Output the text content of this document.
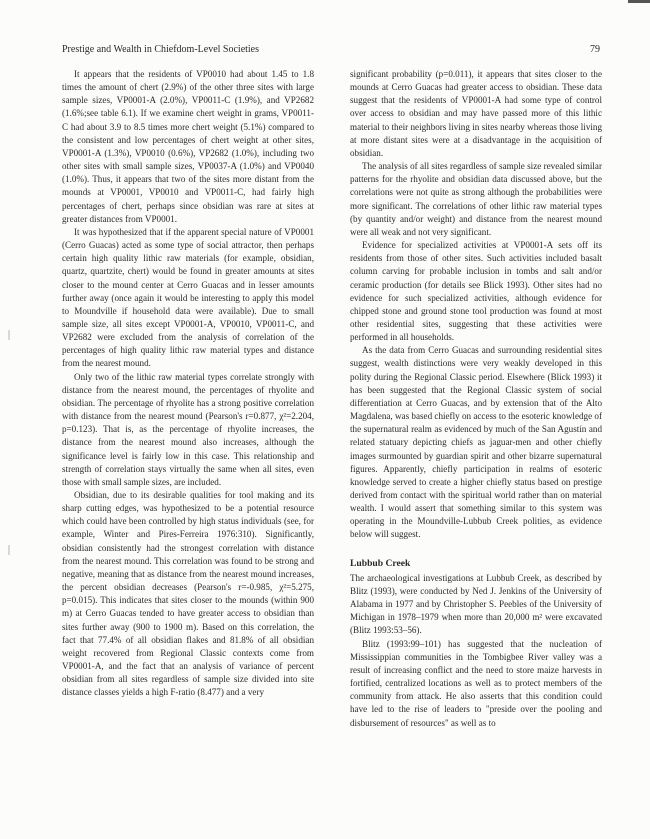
Prestige and Wealth in Chiefdom-Level Societies	79

It appears that the residents of VP0010 had about 1.45 to 1.8 times the amount of chert (2.9%) of the other three sites with large sample sizes, VP0001-A (2.0%), VP0011-C (1.9%), and VP2682 (1.6%;see table 6.1). If we examine chert weight in grams, VP0011-C had about 3.9 to 8.5 times more chert weight (5.1%) compared to the consistent and low percentages of chert weight at other sites, VP0001-A (1.3%), VP0010 (0.6%), VP2682 (1.0%), including two other sites with small sample sizes, VP0037-A (1.0%) and VP0040 (1.0%). Thus, it appears that two of the sites more distant from the mounds at VP0001, VP0010 and VP0011-C, had fairly high percentages of chert, perhaps since obsidian was rare at sites at greater distances from VP0001.

It was hypothesized that if the apparent special nature of VP0001 (Cerro Guacas) acted as some type of social attractor, then perhaps certain high quality lithic raw materials (for example, obsidian, quartz, quartzite, chert) would be found in greater amounts at sites closer to the mound center at Cerro Guacas and in lesser amounts further away (once again it would be interesting to apply this model to Moundville if household data were available). Due to small sample size, all sites except VP0001-A, VP0010, VP0011-C, and VP2682 were excluded from the analysis of correlation of the percentages of high quality lithic raw material types and distance from the nearest mound.

Only two of the lithic raw material types correlate strongly with distance from the nearest mound, the percentages of rhyolite and obsidian. The percentage of rhyolite has a strong positive correlation with distance from the nearest mound (Pearson's r=0.877, χ²=2.204, p=0.123). That is, as the percentage of rhyolite increases, the distance from the nearest mound also increases, although the significance level is fairly low in this case. This relationship and strength of correlation stays virtually the same when all sites, even those with small sample sizes, are included.

Obsidian, due to its desirable qualities for tool making and its sharp cutting edges, was hypothesized to be a potential resource which could have been controlled by high status individuals (see, for example, Winter and Pires-Ferreira 1976:310). Significantly, obsidian consistently had the strongest correlation with distance from the nearest mound. This correlation was found to be strong and negative, meaning that as distance from the nearest mound increases, the percent obsidian decreases (Pearson's r=-0.985, χ²=5.275, p=0.015). This indicates that sites closer to the mounds (within 900 m) at Cerro Guacas tended to have greater access to obsidian than sites further away (900 to 1900 m). Based on this correlation, the fact that 77.4% of all obsidian flakes and 81.8% of all obsidian weight recovered from Regional Classic contexts come from VP0001-A, and the fact that an analysis of variance of percent obsidian from all sites regardless of sample size divided into site distance classes yields a high F-ratio (8.477) and a very

significant probability (p=0.011), it appears that sites closer to the mounds at Cerro Guacas had greater access to obsidian. These data suggest that the residents of VP0001-A had some type of control over access to obsidian and may have passed more of this lithic material to their neighbors living in sites nearby whereas those living at more distant sites were at a disadvantage in the acquisition of obsidian.

The analysis of all sites regardless of sample size revealed similar patterns for the rhyolite and obsidian data discussed above, but the correlations were not quite as strong although the probabilities were more significant. The correlations of other lithic raw material types (by quantity and/or weight) and distance from the nearest mound were all weak and not very significant.

Evidence for specialized activities at VP0001-A sets off its residents from those of other sites. Such activities included basalt column carving for probable inclusion in tombs and salt and/or ceramic production (for details see Blick 1993). Other sites had no evidence for such specialized activities, although evidence for chipped stone and ground stone tool production was found at most other residential sites, suggesting that these activities were performed in all households.

As the data from Cerro Guacas and surrounding residential sites suggest, wealth distinctions were very weakly developed in this polity during the Regional Classic period. Elsewhere (Blick 1993) it has been suggested that the Regional Classic system of social differentiation at Cerro Guacas, and by extension that of the Alto Magdalena, was based chiefly on access to the esoteric knowledge of the supernatural realm as evidenced by much of the San Agustín and related statuary depicting chiefs as jaguar-men and other chiefly images surmounted by guardian spirit and other bizarre supernatural figures. Apparently, chiefly participation in realms of esoteric knowledge served to create a higher chiefly status based on prestige derived from contact with the spiritual world rather than on material wealth. I would assert that something similar to this system was operating in the Moundville-Lubbub Creek polities, as evidence below will suggest.

Lubbub Creek

The archaeological investigations at Lubbub Creek, as described by Blitz (1993), were conducted by Ned J. Jenkins of the University of Alabama in 1977 and by Christopher S. Peebles of the University of Michigan in 1978–1979 when more than 20,000 m² were excavated (Blitz 1993:53–56).

Blitz (1993:99–101) has suggested that the nucleation of Mississippian communities in the Tombigbee River valley was a result of increasing conflict and the need to store maize harvests in fortified, centralized locations as well as to protect members of the community from attack. He also asserts that this condition could have led to the rise of leaders to "preside over the pooling and disbursement of resources" as well as to
